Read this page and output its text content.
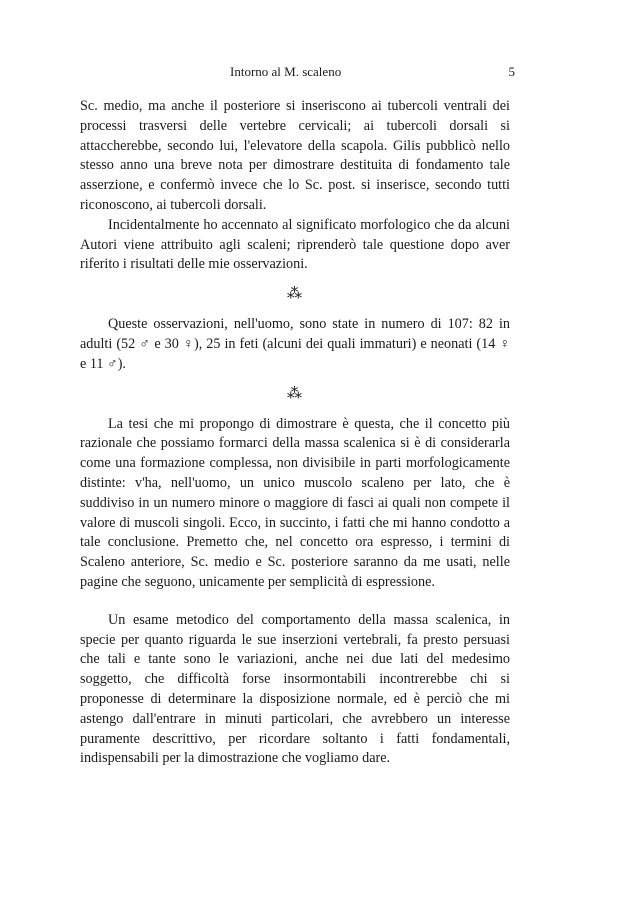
Intorno al M. scaleno	5

Sc. medio, ma anche il posteriore si inseriscono ai tubercoli ventrali dei processi trasversi delle vertebre cervicali; ai tubercoli dorsali si attaccherebbe, secondo lui, l'elevatore della scapola. Gilis pubblicò nello stesso anno una breve nota per dimostrare destituita di fondamento tale asserzione, e confermò invece che lo Sc. post. si inserisce, secondo tutti riconoscono, ai tubercoli dorsali.

Incidentalmente ho accennato al significato morfologico che da alcuni Autori viene attribuito agli scaleni; riprenderò tale questione dopo aver riferito i risultati delle mie osservazioni.

⁂

Queste osservazioni, nell'uomo, sono state in numero di 107: 82 in adulti (52 ♂ e 30 ♀), 25 in feti (alcuni dei quali immaturi) e neonati (14 ♀ e 11 ♂).

⁂

La tesi che mi propongo di dimostrare è questa, che il concetto più razionale che possiamo formarci della massa scalenica si è di considerarla come una formazione complessa, non divisibile in parti morfologicamente distinte: v'ha, nell'uomo, un unico muscolo scaleno per lato, che è suddiviso in un numero minore o maggiore di fasci ai quali non compete il valore di muscoli singoli. Ecco, in succinto, i fatti che mi hanno condotto a tale conclusione. Premetto che, nel concetto ora espresso, i termini di Scaleno anteriore, Sc. medio e Sc. posteriore saranno da me usati, nelle pagine che seguono, unicamente per semplicità di espressione.

Un esame metodico del comportamento della massa scalenica, in specie per quanto riguarda le sue inserzioni vertebrali, fa presto persuasi che tali e tante sono le variazioni, anche nei due lati del medesimo soggetto, che difficoltà forse insormontabili incontrerebbe chi si proponesse di determinare la disposizione normale, ed è perciò che mi astengo dall'entrare in minuti particolari, che avrebbero un interesse puramente descrittivo, per ricordare soltanto i fatti fondamentali, indispensabili per la dimostrazione che vogliamo dare.
